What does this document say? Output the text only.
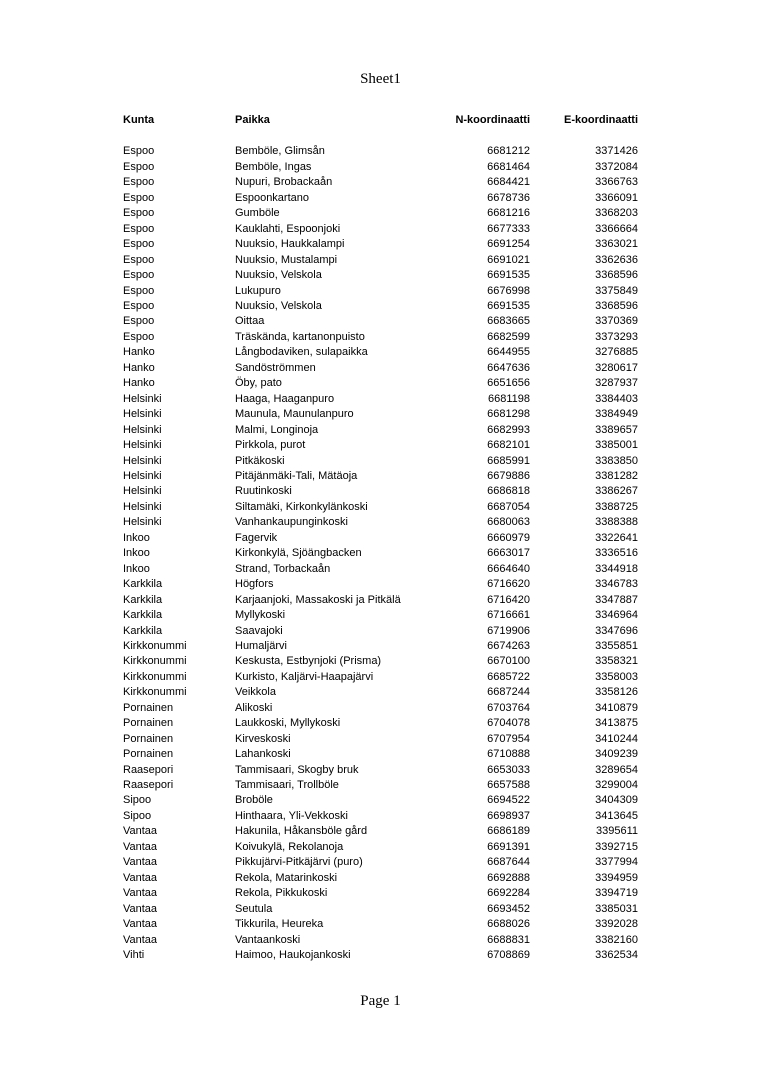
Sheet1
Kunta	Paikka	N-koordinaatti	E-koordinaatti
Espoo	Bemböle, Glimsån	6681212	3371426
Espoo	Bemböle, Ingas	6681464	3372084
Espoo	Nupuri, Brobackaån	6684421	3366763
Espoo	Espoonkartano	6678736	3366091
Espoo	Gumböle	6681216	3368203
Espoo	Kauklahti, Espoonjoki	6677333	3366664
Espoo	Nuuksio, Haukkalampi	6691254	3363021
Espoo	Nuuksio, Mustalampi	6691021	3362636
Espoo	Nuuksio, Velskola	6691535	3368596
Espoo	Lukupuro	6676998	3375849
Espoo	Nuuksio, Velskola	6691535	3368596
Espoo	Oittaa	6683665	3370369
Espoo	Träskända, kartanonpuisto	6682599	3373293
Hanko	Långbodaviken, sulapaikka	6644955	3276885
Hanko	Sandöströmmen	6647636	3280617
Hanko	Öby, pato	6651656	3287937
Helsinki	Haaga, Haaganpuro	6681198	3384403
Helsinki	Maunula, Maunulanpuro	6681298	3384949
Helsinki	Malmi, Longinoja	6682993	3389657
Helsinki	Pirkkola, purot	6682101	3385001
Helsinki	Pitkäkoski	6685991	3383850
Helsinki	Pitäjänmäki-Tali, Mätäoja	6679886	3381282
Helsinki	Ruutinkoski	6686818	3386267
Helsinki	Siltamäki, Kirkonkylänkoski	6687054	3388725
Helsinki	Vanhankaupunginkoski	6680063	3388388
Inkoo	Fagervik	6660979	3322641
Inkoo	Kirkonkylä, Sjöängbacken	6663017	3336516
Inkoo	Strand, Torbackaån	6664640	3344918
Karkkila	Högfors	6716620	3346783
Karkkila	Karjaanjoki, Massakoski ja Pitkälä	6716420	3347887
Karkkila	Myllykoski	6716661	3346964
Karkkila	Saavajoki	6719906	3347696
Kirkkonummi	Humaljärvi	6674263	3355851
Kirkkonummi	Keskusta, Estbynjoki (Prisma)	6670100	3358321
Kirkkonummi	Kurkisto, Kaljärvi-Haapajärvi	6685722	3358003
Kirkkonummi	Veikkola	6687244	3358126
Pornainen	Alikoski	6703764	3410879
Pornainen	Laukkoski, Myllykoski	6704078	3413875
Pornainen	Kirveskoski	6707954	3410244
Pornainen	Lahankoski	6710888	3409239
Raasepori	Tammisaari, Skogby bruk	6653033	3289654
Raasepori	Tammisaari, Trollböle	6657588	3299004
Sipoo	Broböle	6694522	3404309
Sipoo	Hinthaara, Yli-Vekkoski	6698937	3413645
Vantaa	Hakunila, Håkansböle gård	6686189	3395611
Vantaa	Koivukylä, Rekolanoja	6691391	3392715
Vantaa	Pikkujärvi-Pitkäjärvi (puro)	6687644	3377994
Vantaa	Rekola, Matarinkoski	6692888	3394959
Vantaa	Rekola, Pikkukoski	6692284	3394719
Vantaa	Seutula	6693452	3385031
Vantaa	Tikkurila, Heureka	6688026	3392028
Vantaa	Vantaankoski	6688831	3382160
Vihti	Haimoo, Haukojankoski	6708869	3362534
Page 1
